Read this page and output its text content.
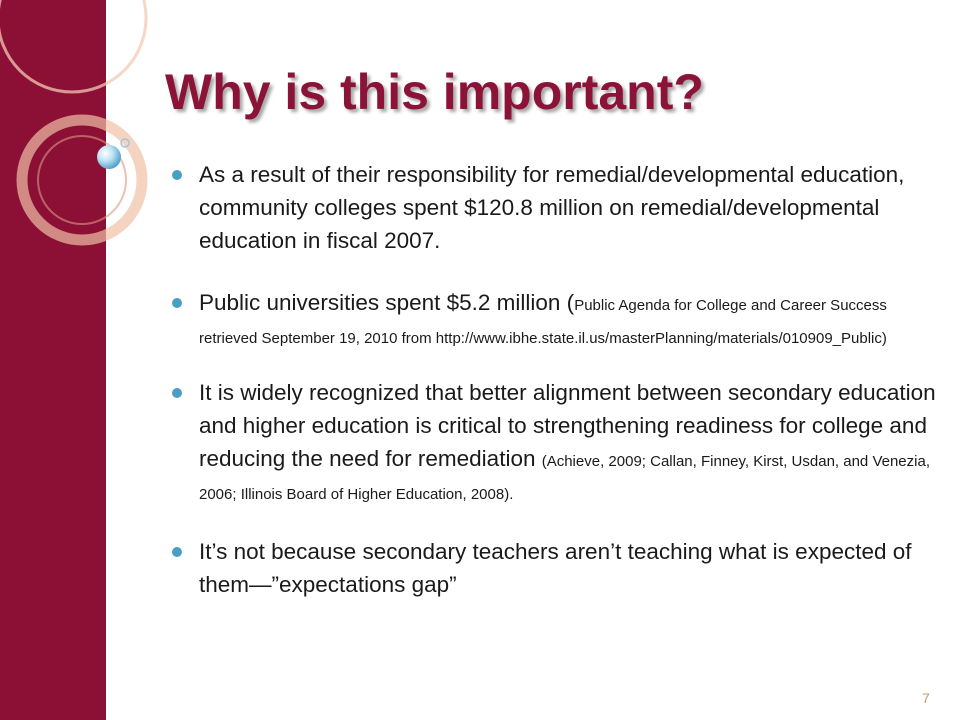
Why is this important?
As a result of their responsibility for remedial/developmental education, community colleges spent $120.8 million on remedial/developmental education in fiscal 2007.
Public universities spent $5.2 million (Public Agenda for College and Career Success retrieved September 19, 2010 from http://www.ibhe.state.il.us/masterPlanning/materials/010909_Public)
It is widely recognized that better alignment between secondary education and higher education is critical to strengthening readiness for college and reducing the need for remediation (Achieve, 2009; Callan, Finney, Kirst, Usdan, and Venezia, 2006; Illinois Board of Higher Education, 2008).
It’s not because secondary teachers aren’t teaching what is expected of them—”expectations gap”
7
